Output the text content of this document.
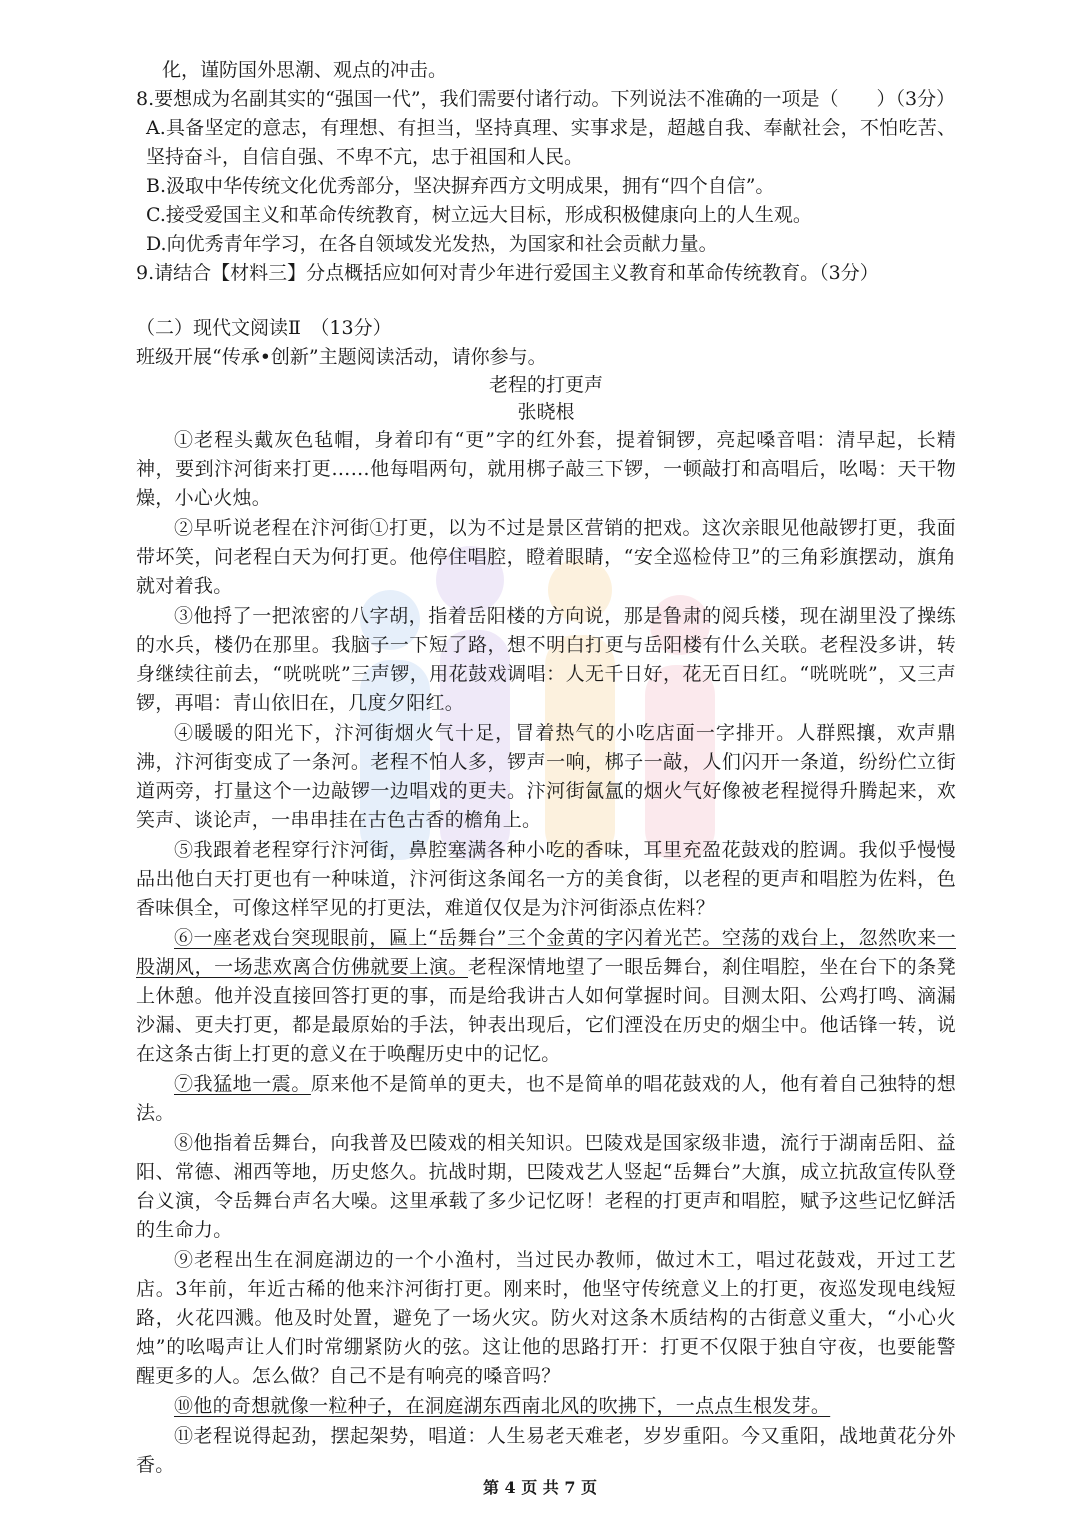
化，谨防国外思潮、观点的冲击。
8.要想成为名副其实的“强国一代”，我们需要付诸行动。下列说法不准确的一项是（　　）（3分）
A.具备坚定的意志，有理想、有担当，坚持真理、实事求是，超越自我、奉献社会，不怕吃苦、坚持奋斗，自信自强、不卑不亢，忠于祖国和人民。
B.汲取中华传统文化优秀部分，坚决摒弃西方文明成果，拥有“四个自信”。
C.接受爱国主义和革命传统教育，树立远大目标，形成积极健康向上的人生观。
D.向优秀青年学习，在各自领域发光发热，为国家和社会贡献力量。
9.请结合【材料三】分点概括应如何对青少年进行爱国主义教育和革命传统教育。（3分）
（二）现代文阅读Ⅱ　（13分）
班级开展“传承•创新”主题阅读活动，请你参与。
老程的打更声
张晓根

①老程头戴灰色毡帽，身着印有“更”字的红外套，提着铜锣，亮起嗓音唱：清早起，长精神，要到汴河街来打更……他每唱两句，就用梆子敲三下锣，一顿敲打和高唱后，吆喝：天干物燥，小心火烛。

②早听说老程在汴河街①打更，以为不过是景区营销的把戏。这次亲眼见他敲锣打更，我面带坏笑，问老程白天为何打更。他停住唱腔，瞪着眼睛，“安全巡检侍卫”的三角彩旗摆动，旗角就对着我。

③他捋了一把浓密的八字胡，指着岳阳楼的方向说，那是鲁肃的阅兵楼，现在湖里没了操练的水兵，楼仍在那里。我脑子一下短了路，想不明白打更与岳阳楼有什么关联。老程没多讲，转身继续往前去，“咣咣咣”三声锣，用花鼓戏调唱：人无千日好，花无百日红。“咣咣咣”，又三声锣，再唱：青山依旧在，几度夕阳红。

④暖暖的阳光下，汴河街烟火气十足，冒着热气的小吃店面一字排开。人群熙攘，欢声鼎沸，汴河街变成了一条河。老程不怕人多，锣声一响，梆子一敲，人们闪开一条道，纷纷伫立街道两旁，打量这个一边敲锣一边唱戏的更夫。汴河街氤氲的烟火气好像被老程搅得升腾起来，欢笑声、谈论声，一串串挂在古色古香的檐角上。

⑤我跟着老程穿行汴河街，鼻腔塞满各种小吃的香味，耳里充盈花鼓戏的腔调。我似乎慢慢品出他白天打更也有一种味道，汴河街这条闻名一方的美食街，以老程的更声和唱腔为佐料，色香味俱全，可像这样罕见的打更法，难道仅仅是为汴河街添点佐料？

⑥一座老戏台突现眼前，匾上“岳舞台”三个金黄的字闪着光芒。空荡的戏台上，忽然吹来一股湖风，一场悲欢离合仿佛就要上演。老程深情地望了一眼岳舞台，刹住唱腔，坐在台下的条凳上休憩。他并没直接回答打更的事，而是给我讲古人如何掌握时间。目测太阳、公鸡打鸣、滴漏沙漏、更夫打更，都是最原始的手法，钟表出现后，它们湮没在历史的烟尘中。他话锋一转，说在这条古街上打更的意义在于唤醒历史中的记忆。

⑦我猛地一震。原来他不是简单的更夫，也不是简单的唱花鼓戏的人，他有着自己独特的想法。

⑧他指着岳舞台，向我普及巴陵戏的相关知识。巴陵戏是国家级非遗，流行于湖南岳阳、益阳、常德、湘西等地，历史悠久。抗战时期，巴陵戏艺人竖起“岳舞台”大旗，成立抗敌宣传队登台义演，令岳舞台声名大噪。这里承载了多少记忆呀！老程的打更声和唱腔，赋予这些记忆鲜活的生命力。

⑨老程出生在洞庭湖边的一个小渔村，当过民办教师，做过木工，唱过花鼓戏，开过工艺店。3年前，年近古稀的他来汴河街打更。刚来时，他坚守传统意义上的打更，夜巡发现电线短路，火花四溅。他及时处置，避免了一场火灾。防火对这条木质结构的古街意义重大，“小心火烛”的吆喝声让人们时常绷紧防火的弦。这让他的思路打开：打更不仅限于独自守夜，也要能警醒更多的人。怎么做？自己不是有响亮的嗓音吗？

⑩他的奇想就像一粒种子，在洞庭湖东西南北风的吹拂下，一点点生根发芽。

⑪老程说得起劲，摆起架势，唱道：人生易老天难老，岁岁重阳。今又重阳，战地黄花分外香。

第 4 页 共 7 页
